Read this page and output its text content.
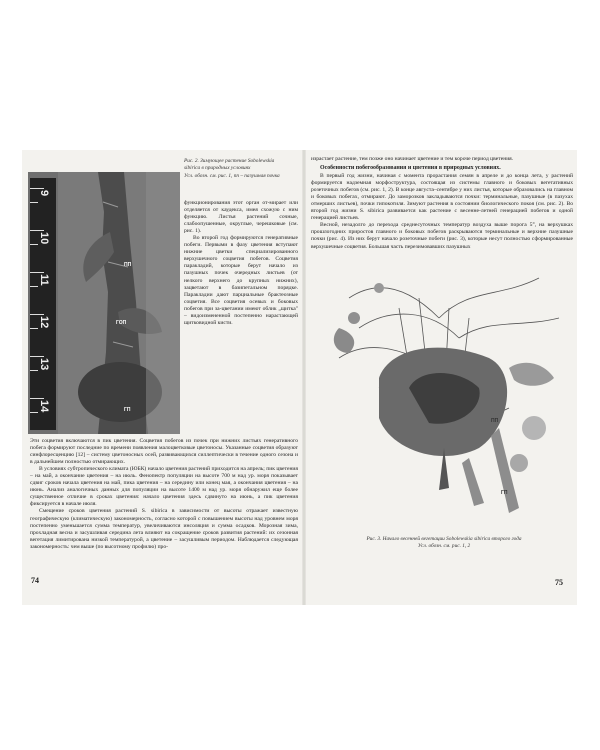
9
10
11
12
13
14
ПП
ГОП
ГП
Рис. 2. Зимующее растение Sobolewskia
sibirica в природных условиях
Усл. обозн. см. рис. 1, пп – пазушная почка

функционирования этот орган от-мирает или отделяется от каудекса, имея схожую с ним функцию. Листья растений сочные, слабоопушенные, округлые, черешковые (см. рис. 1).

Во второй год формируются генеративные побеги. Первыми в фазу цветения вступают нижние цветки специализированного верхушечного соцветия побегов. Соцветия паракладий, которые берут начало из пазушных почек очередных листьев (от нелкого верхнего до крупных нижних), зацветают в базипетальном порядке. Паракладии дают парциальные брактеозные соцветия. Все соцветия осевых и боковых побегов при за-цветании имеют облик „щитка" – видоизмененной постепенно нарастающей щитковидной кисти.

Эти соцветия включаются в пик цветения. Соцветия побегов из почек при нижних листьях генеративного побега формируют последние по времени появления малоцветковые цветоносы. Указанные соцветия образуют синфлоресценцию [12] – систему цветоносных осей, развивающихся силлептически в течение одного сезона и в дальнейшем полностью отмирающих.

В условиях субтропического климата (ЮБК) начало цветения растений приходится на апрель; пик цветения – на май, а окончание цветения – на июль. Фенопектр популяции на высоте 700 м над ур. моря показывает сдвиг сроков начала цветения на май, пика цветения – на середину или конец мая, а окончания цветения – на июнь. Анализ аналогичных данных для популяции на высоте 1400 м над ур. моря обнаружил еще более существенное отличие в сроках цветения: начало цветения здесь сдвинуто на июнь, а пик цветения фиксируется в начале июля.

Смещение сроков цветения растений S. sibirica в зависимости от высоты отражает известную географическую (климатическую) закономерность, согласно которой с повышением высоты над уровнем моря постепенно уменьшается сумма температур, увеличиваются инсоляция и сумма осадков. Морозная зима, прохладная весна и засушливая середина лета влияют на сокращение сроков развития растений: их сезонная вегетация лимитирована низкой температурой, а цветение – засушливым периодом. Наблюдается следующая закономерность: чем выше (по высотному профилю) про-

74

израстает растение, тем позже оно начинает цветение и тем короче период цветения.

Особенности побегообразования и цветения в природных условиях.

В первый год жизни, начиная с момента прорастания семян в апреле и до конца лета, у растений формируется надземная морфоструктура, состоящая из системы главного и боковых вегетативных розеточных побегов (см. рис. 1, 2). В конце августа–сентябре у них листья, которые образовались на главном и боковых побегах, отмирают. До заморозков закладываются почки: терминальные, пазушные (в пазухах отмерших листьев), почки гипокотиля. Зимуют растения в состоянии биологического покоя (см. рис. 2). Во второй год жизни S. sibirica развивается как растение с весенне-летней генерацией побегов и одной генерацией листьев.

Весной, незадолго до перехода среднесуточных температур воздуха выше порога 5°, на верхушках прошлогодних приростов главного и боковых побегов раскрываются терминальные и верхние пазушные почки (рис. 4). Из них берут начало розеточные побеги (рис. 3), которые несут полностью сформированные верхушечные соцветия. Большая часть перезимовавших пазушных

ПП
ГП
Рис. 3. Начало весенней вегетации Sobolewskia sibirica второго года
Усл. обозн. см. рис. 1, 2
75
